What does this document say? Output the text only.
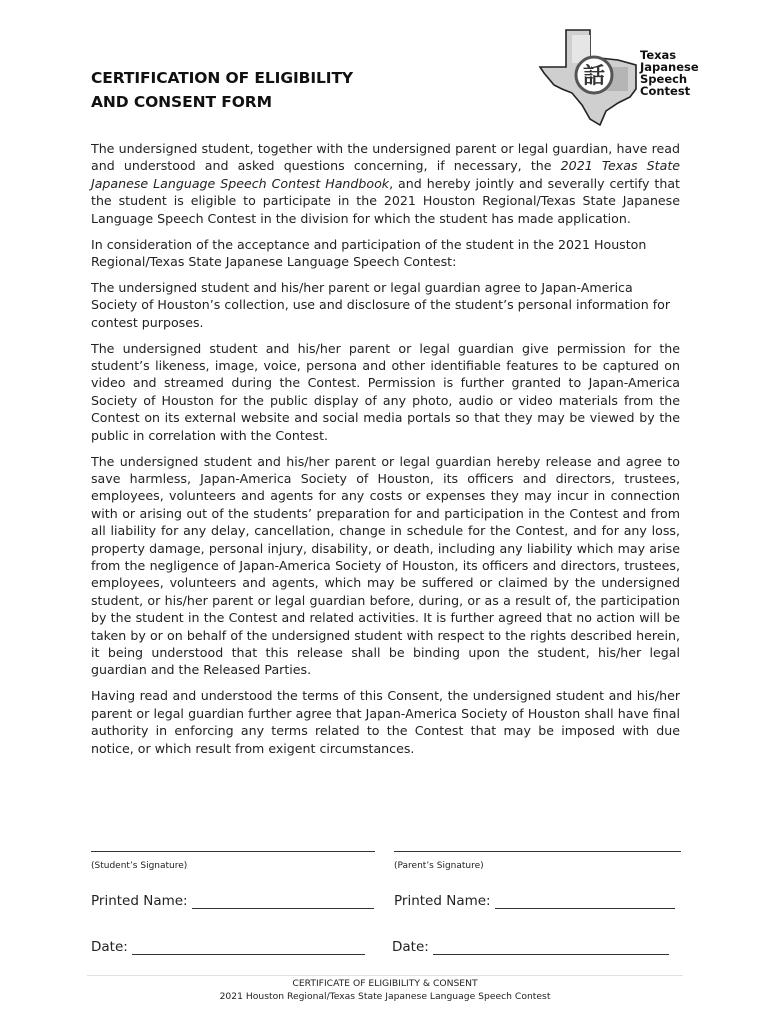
CERTIFICATION OF ELIGIBILITY
AND CONSENT FORM
話
Texas
Japanese
Speech
Contest

The undersigned student, together with the undersigned parent or legal guardian, have read and understood and asked questions concerning, if necessary, the 2021 Texas State Japanese Language Speech Contest Handbook, and hereby jointly and severally certify that the student is eligible to participate in the 2021 Houston Regional/Texas State Japanese Language Speech Contest in the division for which the student has made application.

In consideration of the acceptance and participation of the student in the 2021 Houston Regional/Texas State Japanese Language Speech Contest:

The undersigned student and his/her parent or legal guardian agree to Japan-America Society of Houston’s collection, use and disclosure of the student’s personal information for contest purposes.

The undersigned student and his/her parent or legal guardian give permission for the student’s likeness, image, voice, persona and other identifiable features to be captured on video and streamed during the Contest. Permission is further granted to Japan-America Society of Houston for the public display of any photo, audio or video materials from the Contest on its external website and social media portals so that they may be viewed by the public in correlation with the Contest.

The undersigned student and his/her parent or legal guardian hereby release and agree to save harmless, Japan-America Society of Houston, its officers and directors, trustees, employees, volunteers and agents for any costs or expenses they may incur in connection with or arising out of the students’ preparation for and participation in the Contest and from all liability for any delay, cancellation, change in schedule for the Contest, and for any loss, property damage, personal injury, disability, or death, including any liability which may arise from the negligence of Japan-America Society of Houston, its officers and directors, trustees, employees, volunteers and agents, which may be suffered or claimed by the undersigned student, or his/her parent or legal guardian before, during, or as a result of, the participation by the student in the Contest and related activities. It is further agreed that no action will be taken by or on behalf of the undersigned student with respect to the rights described herein, it being understood that this release shall be binding upon the student, his/her legal guardian and the Released Parties.

Having read and understood the terms of this Consent, the undersigned student and his/her parent or legal guardian further agree that Japan-America Society of Houston shall have final authority in enforcing any terms related to the Contest that may be imposed with due notice, or which result from exigent circumstances.

(Student’s Signature)	(Parent’s Signature)
Printed Name:	Printed Name:
Date:	Date:
CERTIFICATE OF ELIGIBILITY & CONSENT
2021 Houston Regional/Texas State Japanese Language Speech Contest
